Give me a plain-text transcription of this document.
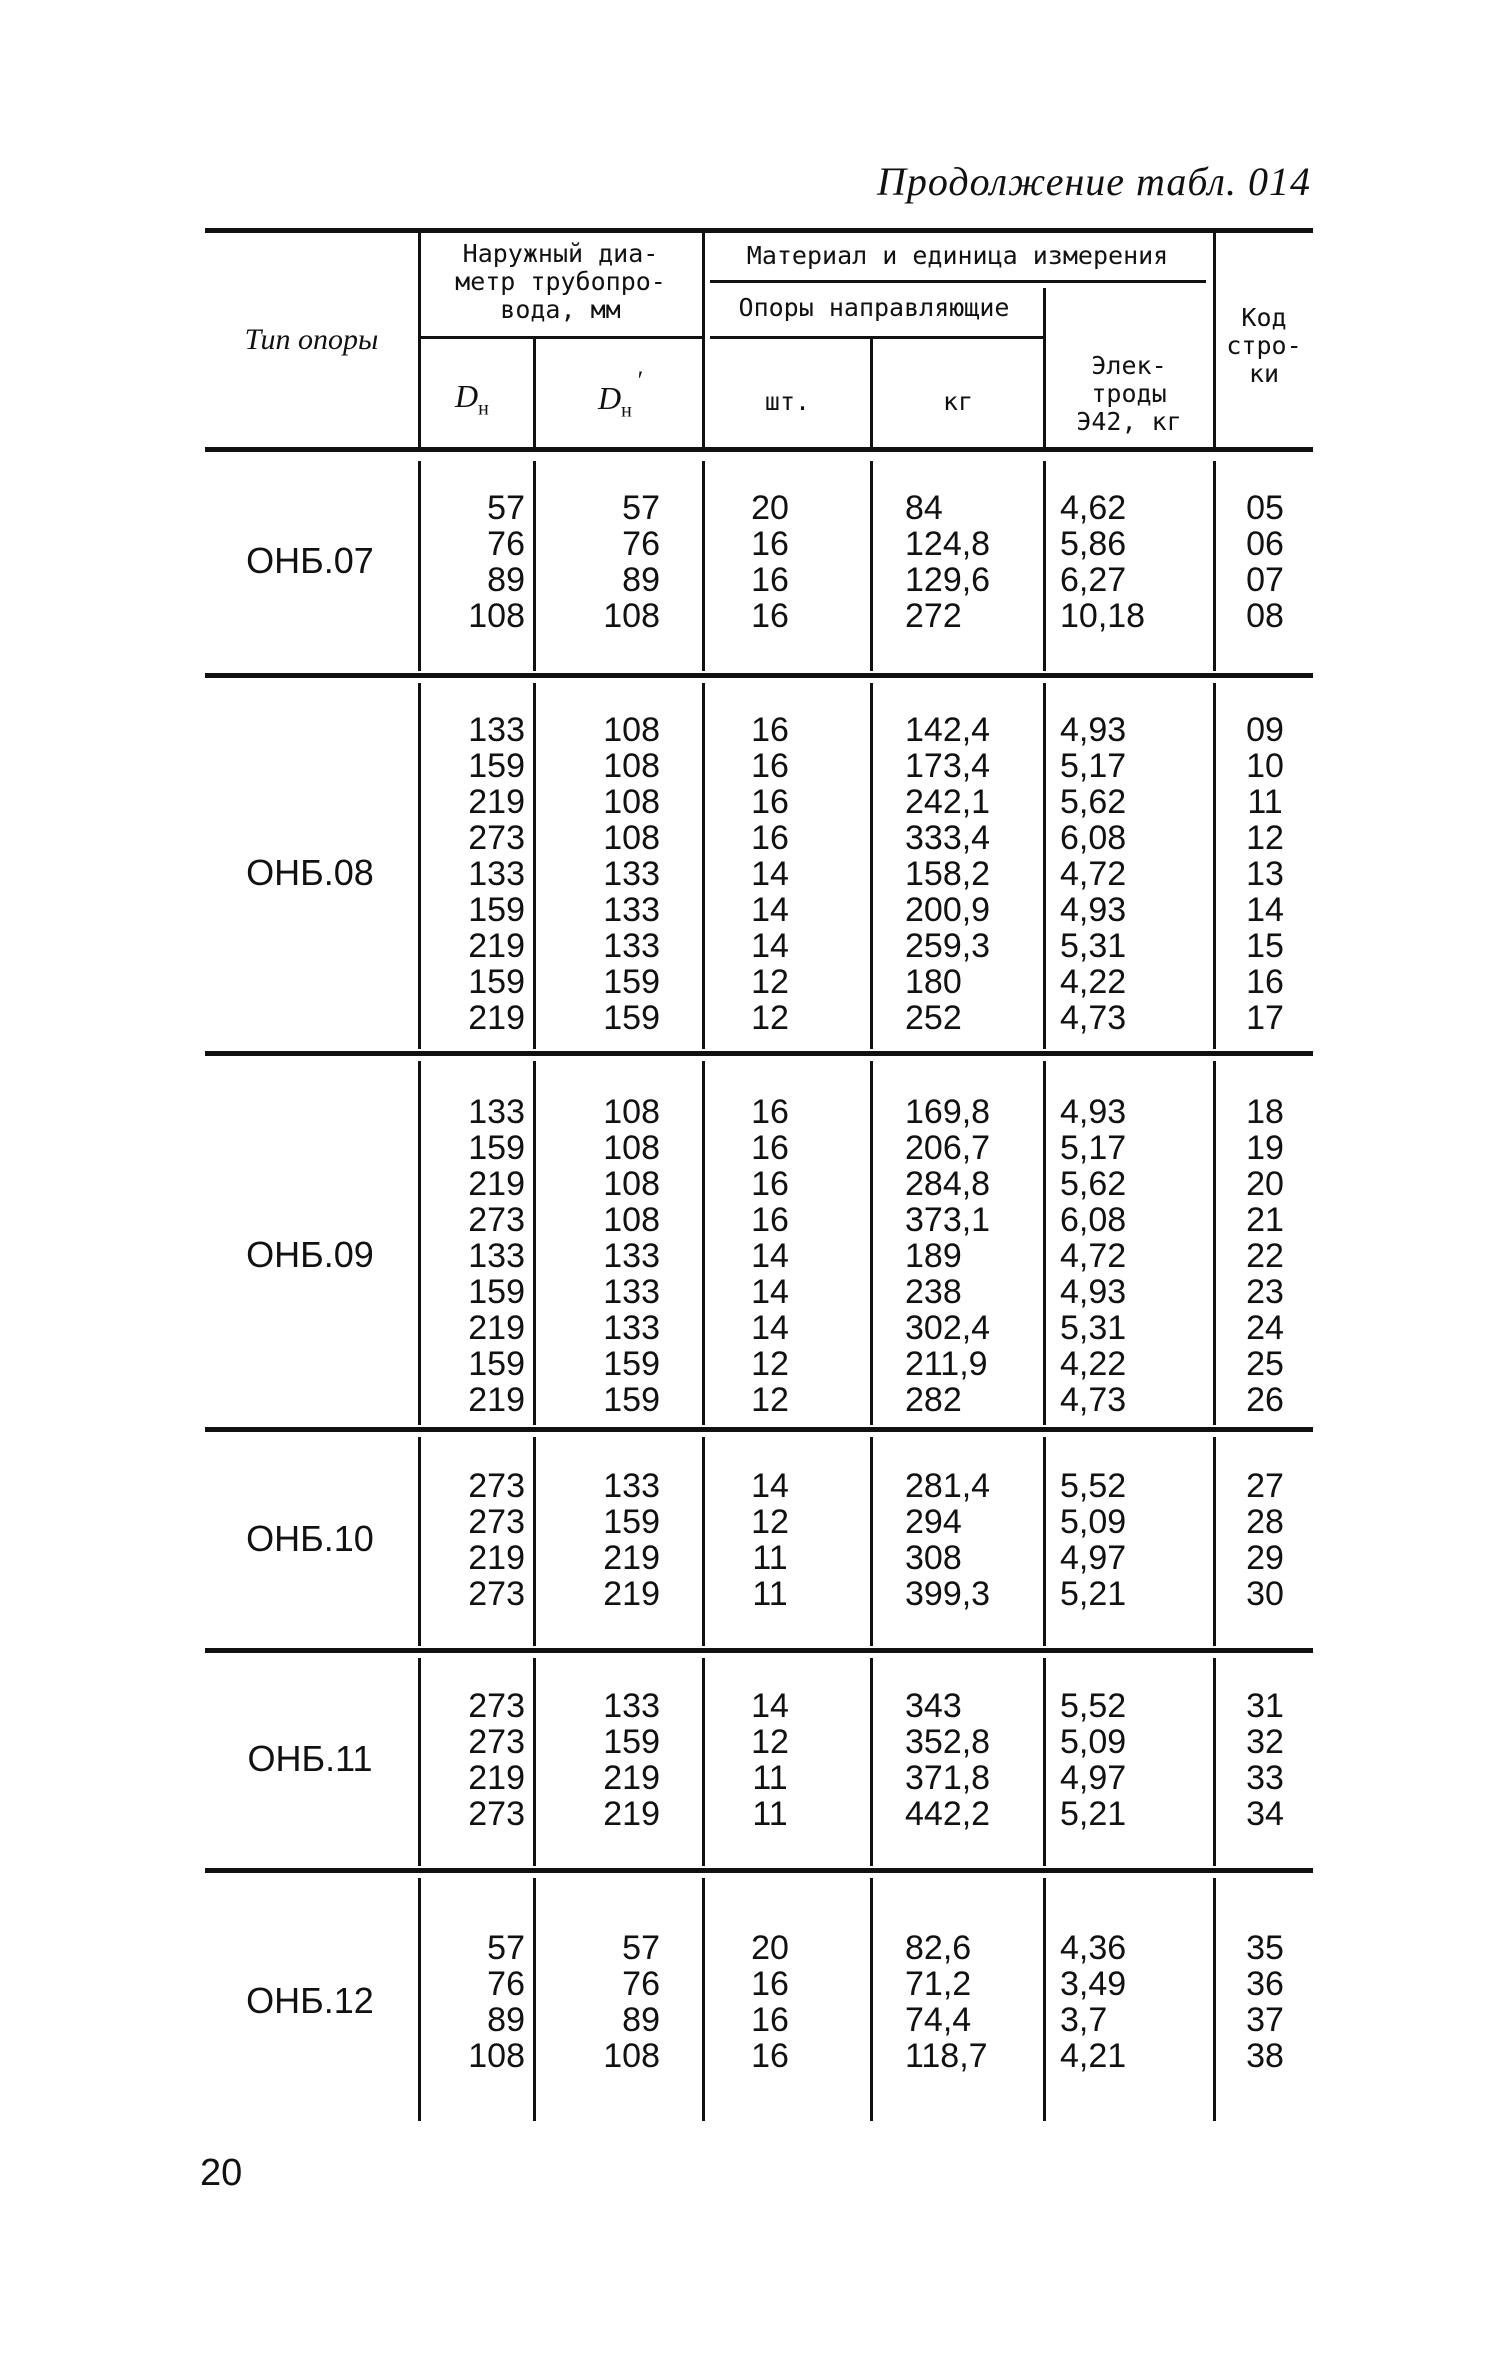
Продолжение табл. 014
Тип опоры
Наружный диа-
метр трубопро-
вода, мм
Материал и единица измерения
Опоры направляющие
$D_н$	$D_н$
′
шт.	кг
Элек-
троды
Э42, кг
Код
стро-
ки
ОНБ.07
57
76
89
108
57
76
89
108
20
16
16
16
84
124,8
129,6
272
4,62
5,86
6,27
10,18
05
06
07
08
ОНБ.08
133
159
219
273
133
159
219
159
219
108
108
108
108
133
133
133
159
159
16
16
16
16
14
14
14
12
12
142,4
173,4
242,1
333,4
158,2
200,9
259,3
180
252
4,93
5,17
5,62
6,08
4,72
4,93
5,31
4,22
4,73
09
10
11
12
13
14
15
16
17
ОНБ.09
133
159
219
273
133
159
219
159
219
108
108
108
108
133
133
133
159
159
16
16
16
16
14
14
14
12
12
169,8
206,7
284,8
373,1
189
238
302,4
211,9
282
4,93
5,17
5,62
6,08
4,72
4,93
5,31
4,22
4,73
18
19
20
21
22
23
24
25
26
ОНБ.10
273
273
219
273
133
159
219
219
14
12
11
11
281,4
294
308
399,3
5,52
5,09
4,97
5,21
27
28
29
30
ОНБ.11
273
273
219
273
133
159
219
219
14
12
11
11
343
352,8
371,8
442,2
5,52
5,09
4,97
5,21
31
32
33
34
ОНБ.12
57
76
89
108
57
76
89
108
20
16
16
16
82,6
71,2
74,4
118,7
4,36
3,49
3,7
4,21
35
36
37
38
20
